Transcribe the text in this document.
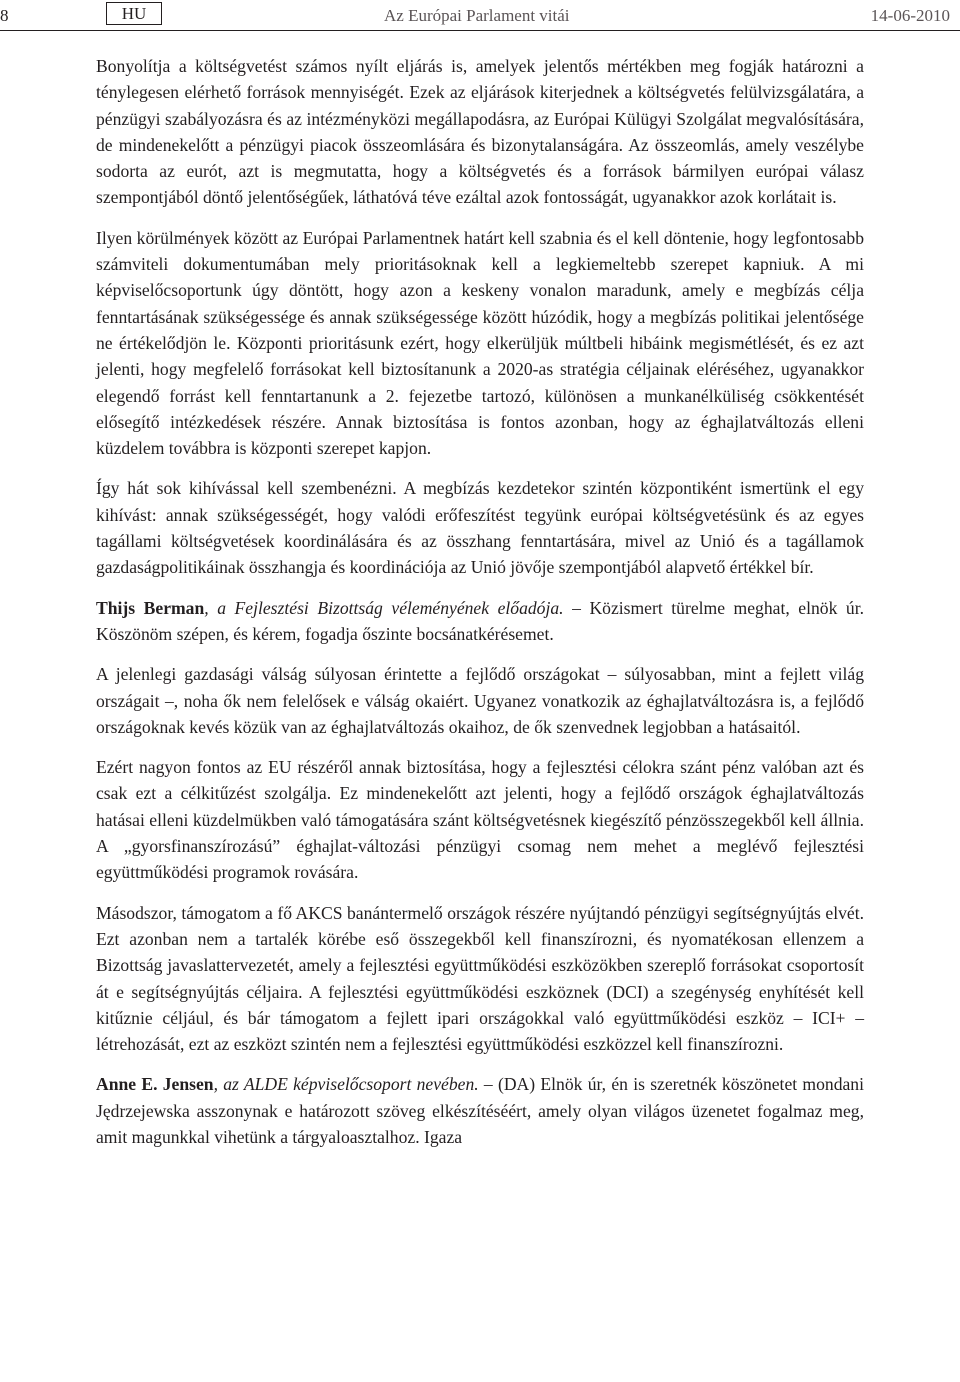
8	HU	Az Európai Parlament vitái	14-06-2010

Bonyolítja a költségvetést számos nyílt eljárás is, amelyek jelentős mértékben meg fogják határozni a ténylegesen elérhető források mennyiségét. Ezek az eljárások kiterjednek a költségvetés felülvizsgálatára, a pénzügyi szabályozásra és az intézményközi megállapodásra, az Európai Külügyi Szolgálat megvalósítására, de mindenekelőtt a pénzügyi piacok összeomlására és bizonytalanságára. Az összeomlás, amely veszélybe sodorta az eurót, azt is megmutatta, hogy a költségvetés és a források bármilyen európai válasz szempontjából döntő jelentőségűek, láthatóvá téve ezáltal azok fontosságát, ugyanakkor azok korlátait is.

Ilyen körülmények között az Európai Parlamentnek határt kell szabnia és el kell döntenie, hogy legfontosabb számviteli dokumentumában mely prioritásoknak kell a legkiemeltebb szerepet kapniuk. A mi képviselőcsoportunk úgy döntött, hogy azon a keskeny vonalon maradunk, amely e megbízás célja fenntartásának szükségessége és annak szükségessége között húzódik, hogy a megbízás politikai jelentősége ne értékelődjön le. Központi prioritásunk ezért, hogy elkerüljük múltbeli hibáink megismétlését, és ez azt jelenti, hogy megfelelő forrásokat kell biztosítanunk a 2020-as stratégia céljainak eléréséhez, ugyanakkor elegendő forrást kell fenntartanunk a 2. fejezetbe tartozó, különösen a munkanélküliség csökkentését elősegítő intézkedések részére. Annak biztosítása is fontos azonban, hogy az éghajlatváltozás elleni küzdelem továbbra is központi szerepet kapjon.

Így hát sok kihívással kell szembenézni. A megbízás kezdetekor szintén központiként ismertünk el egy kihívást: annak szükségességét, hogy valódi erőfeszítést tegyünk európai költségvetésünk és az egyes tagállami költségvetések koordinálására és az összhang fenntartására, mivel az Unió és a tagállamok gazdaságpolitikáinak összhangja és koordinációja az Unió jövője szempontjából alapvető értékkel bír.

Thijs Berman, a Fejlesztési Bizottság véleményének előadója. – Közismert türelme meghat, elnök úr. Köszönöm szépen, és kérem, fogadja őszinte bocsánatkérésemet.

A jelenlegi gazdasági válság súlyosan érintette a fejlődő országokat – súlyosabban, mint a fejlett világ országait –, noha ők nem felelősek e válság okaiért. Ugyanez vonatkozik az éghajlatváltozásra is, a fejlődő országoknak kevés közük van az éghajlatváltozás okaihoz, de ők szenvednek legjobban a hatásaitól.

Ezért nagyon fontos az EU részéről annak biztosítása, hogy a fejlesztési célokra szánt pénz valóban azt és csak ezt a célkitűzést szolgálja. Ez mindenekelőtt azt jelenti, hogy a fejlődő országok éghajlatváltozás hatásai elleni küzdelmükben való támogatására szánt költségvetésnek kiegészítő pénzösszegekből kell állnia. A „gyorsfinanszírozású” éghajlat-változási pénzügyi csomag nem mehet a meglévő fejlesztési együttműködési programok rovására.

Másodszor, támogatom a fő AKCS banántermelő országok részére nyújtandó pénzügyi segítségnyújtás elvét. Ezt azonban nem a tartalék körébe eső összegekből kell finanszírozni, és nyomatékosan ellenzem a Bizottság javaslattervezetét, amely a fejlesztési együttműködési eszközökben szereplő forrásokat csoportosít át e segítségnyújtás céljaira. A fejlesztési együttműködési eszköznek (DCI) a szegénység enyhítését kell kitűznie céljául, és bár támogatom a fejlett ipari országokkal való együttműködési eszköz – ICI+ – létrehozását, ezt az eszközt szintén nem a fejlesztési együttműködési eszközzel kell finanszírozni.

Anne E. Jensen, az ALDE képviselőcsoport nevében. – (DA) Elnök úr, én is szeretnék köszönetet mondani Jędrzejewska asszonynak e határozott szöveg elkészítéséért, amely olyan világos üzenetet fogalmaz meg, amit magunkkal vihetünk a tárgyaloasztalhoz. Igaza
